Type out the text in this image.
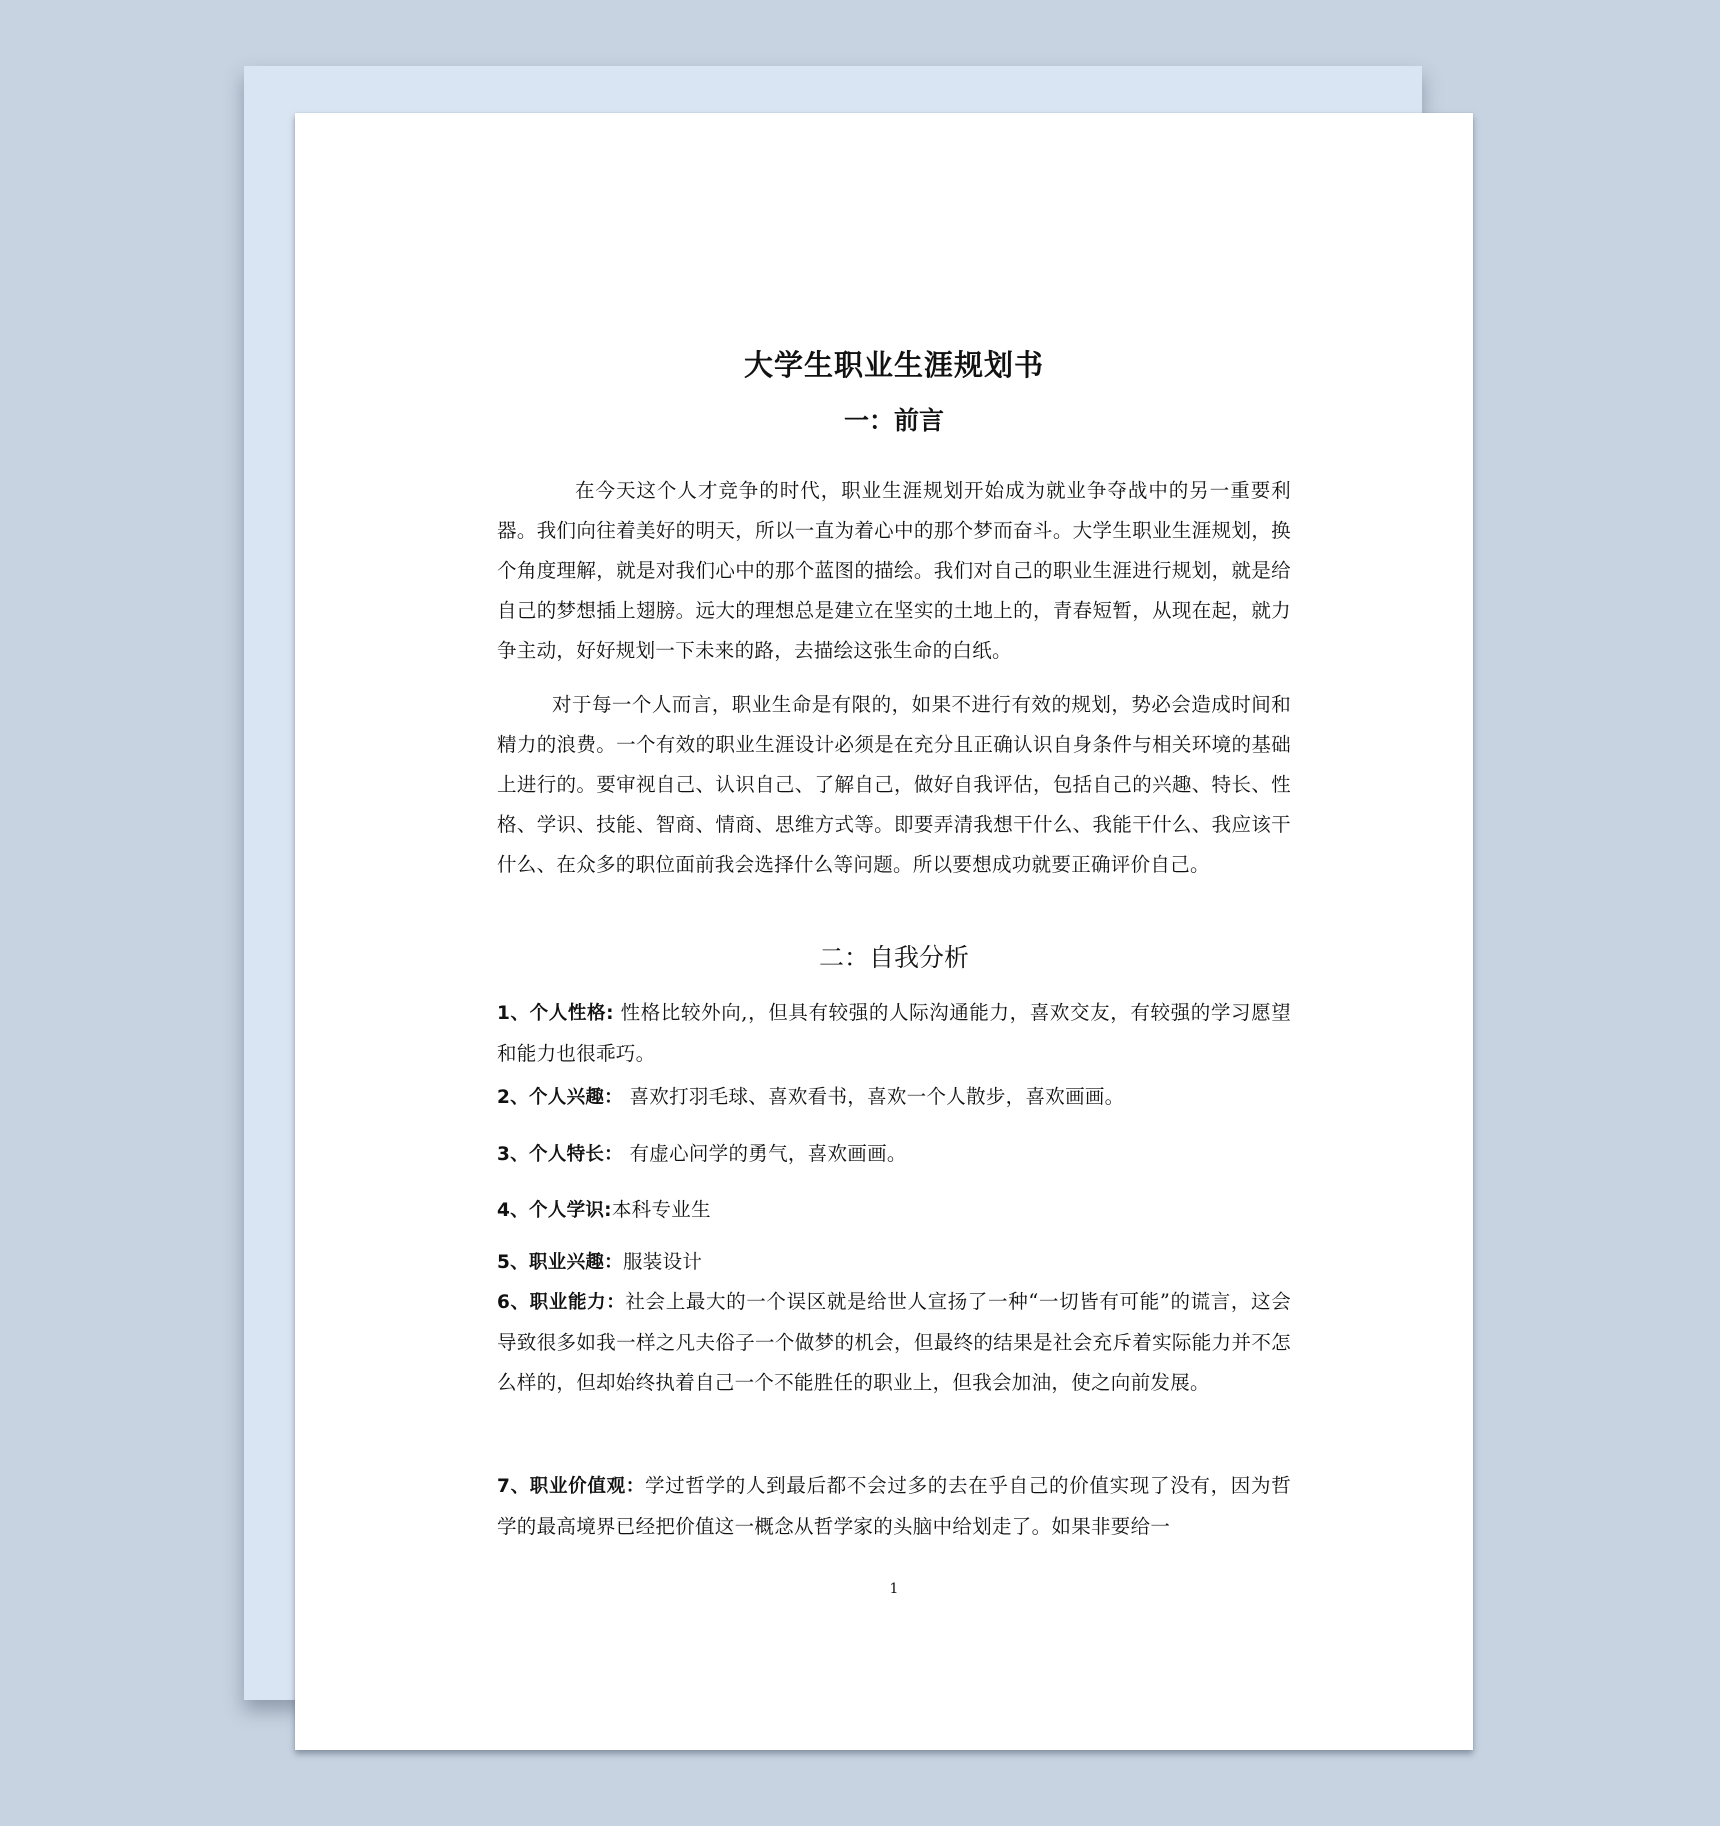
大学生职业生涯规划书
一：前言
在今天这个人才竞争的时代，职业生涯规划开始成为就业争夺战中的另一重要利器。我们向往着美好的明天，所以一直为着心中的那个梦而奋斗。大学生职业生涯规划，换个角度理解，就是对我们心中的那个蓝图的描绘。我们对自己的职业生涯进行规划，就是给自己的梦想插上翅膀。远大的理想总是建立在坚实的土地上的，青春短暂，从现在起，就力争主动，好好规划一下未来的路，去描绘这张生命的白纸。
对于每一个人而言，职业生命是有限的，如果不进行有效的规划，势必会造成时间和精力的浪费。一个有效的职业生涯设计必须是在充分且正确认识自身条件与相关环境的基础上进行的。要审视自己、认识自己、了解自己，做好自我评估，包括自己的兴趣、特长、性格、学识、技能、智商、情商、思维方式等。即要弄清我想干什么、我能干什么、我应该干什么、在众多的职位面前我会选择什么等问题。所以要想成功就要正确评价自己。
二：自我分析
1、个人性格: 性格比较外向,，但具有较强的人际沟通能力，喜欢交友，有较强的学习愿望和能力也很乖巧。
2、个人兴趣： 喜欢打羽毛球、喜欢看书，喜欢一个人散步，喜欢画画。
3、个人特长： 有虚心问学的勇气，喜欢画画。
4、个人学识:本科专业生
5、职业兴趣：服装设计
6、职业能力：社会上最大的一个误区就是给世人宣扬了一种“一切皆有可能”的谎言，这会导致很多如我一样之凡夫俗子一个做梦的机会，但最终的结果是社会充斥着实际能力并不怎么样的，但却始终执着自己一个不能胜任的职业上，但我会加油，使之向前发展。
7、职业价值观：学过哲学的人到最后都不会过多的去在乎自己的价值实现了没有，因为哲学的最高境界已经把价值这一概念从哲学家的头脑中给划走了。如果非要给一
1
